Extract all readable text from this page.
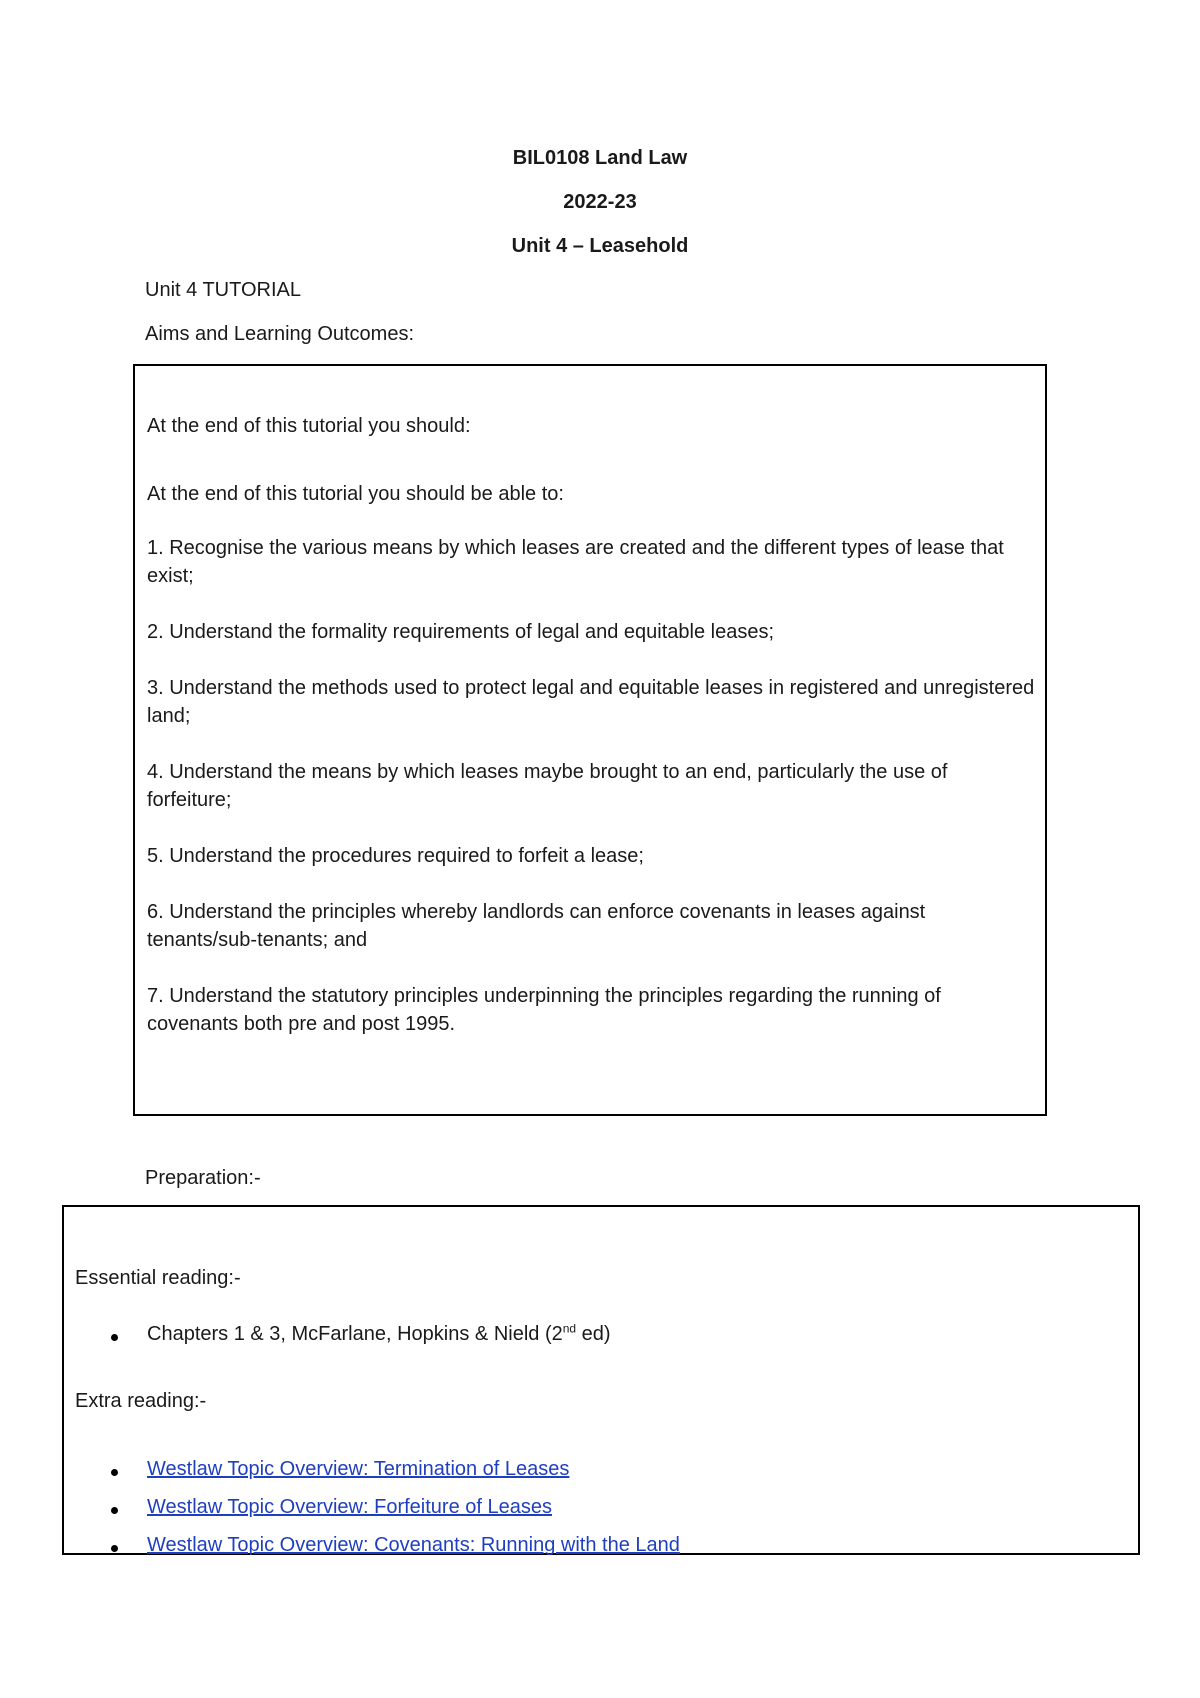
BIL0108 Land Law
2022-23
Unit 4 – Leasehold
Unit 4 TUTORIAL
Aims and Learning Outcomes:
At the end of this tutorial you should:
At the end of this tutorial you should be able to:
1. Recognise the various means by which leases are created and the different types of lease that exist;
2. Understand the formality requirements of legal and equitable leases;
3. Understand the methods used to protect legal and equitable leases in registered and unregistered land;
4. Understand the means by which leases maybe brought to an end, particularly the use of forfeiture;
5. Understand the procedures required to forfeit a lease;
6. Understand the principles whereby landlords can enforce covenants in leases against tenants/sub-tenants; and
7. Understand the statutory principles underpinning the principles regarding the running of covenants both pre and post 1995.
Preparation:-
Essential reading:-
Chapters 1 & 3, McFarlane, Hopkins & Nield (2nd ed)
Extra reading:-
Westlaw Topic Overview: Termination of Leases
Westlaw Topic Overview: Forfeiture of Leases
Westlaw Topic Overview: Covenants: Running with the Land
